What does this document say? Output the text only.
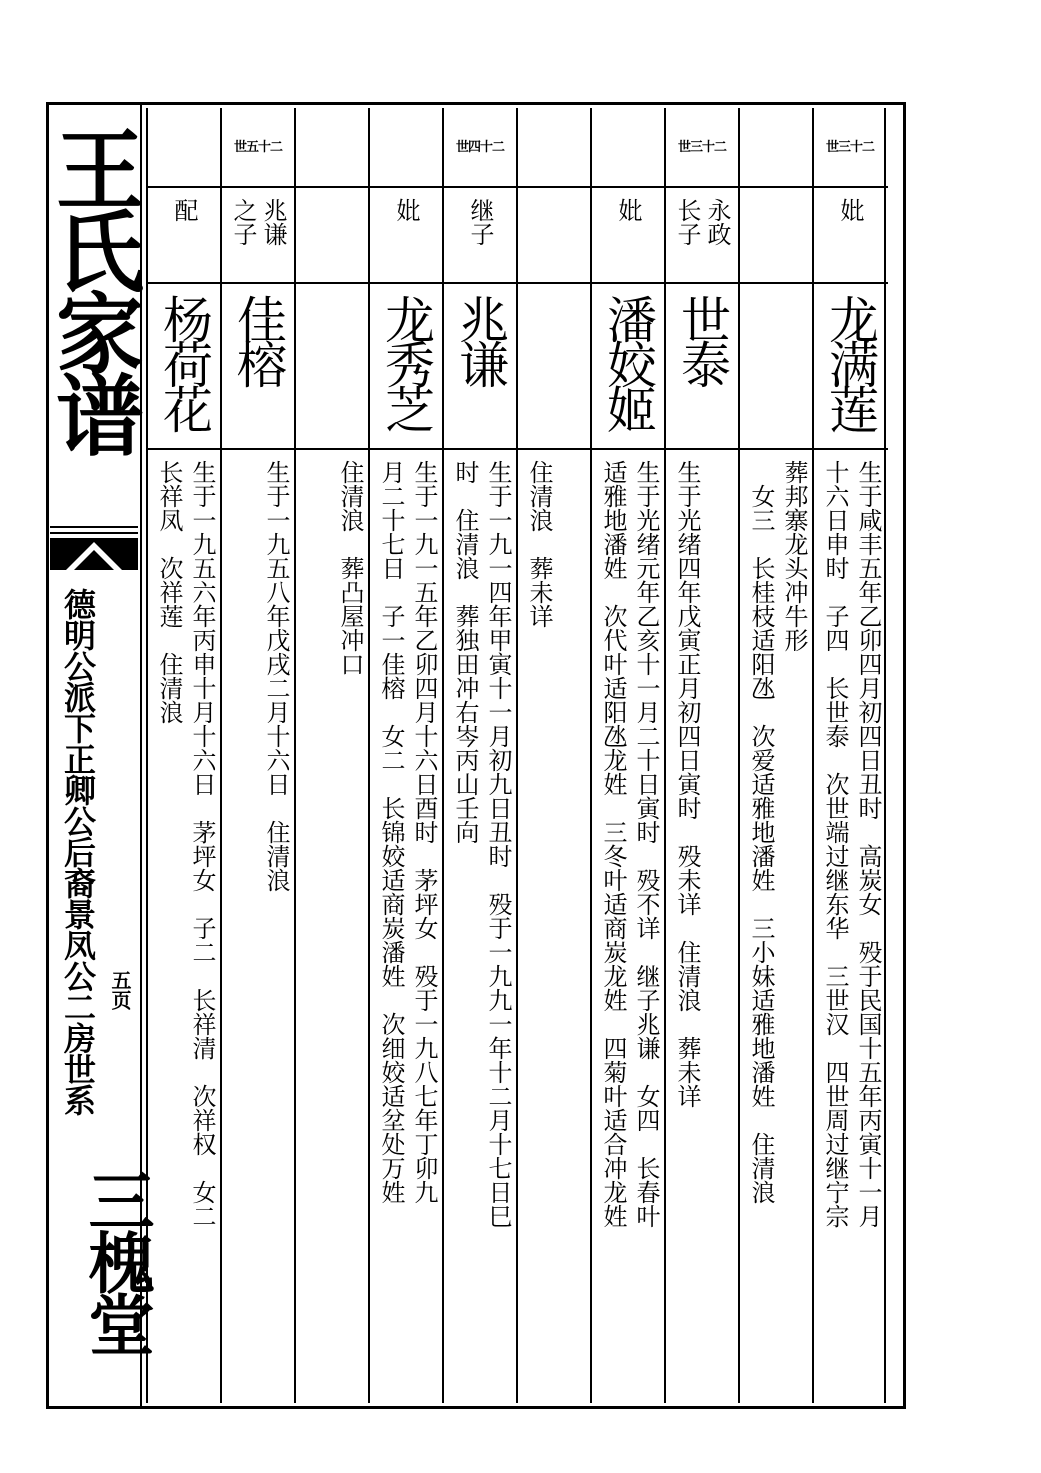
王氏家谱
德明公派下正卿公后裔景凤公二房世系 五页
三槐堂
世三十二
妣
龙满莲
生于咸丰五年乙卯四月初四日丑时　高炭女　殁于民国十五年丙寅十一月
十六日申时　子四　长世泰　次世端过继东华　三世汉　四世周过继宁宗
葬邦寨龙头冲牛形
　女三　长桂枝适阳氹　次爱适雅地潘姓　三小妹适雅地潘姓　住清浪
世三十二
永政
长子
世泰

生于光绪四年戊寅正月初四日寅时　殁未详　住清浪　葬未详
妣
潘姣姬
生于光绪元年乙亥十一月二十日寅时　殁不详　继子兆谦　女四　长春叶
适雅地潘姓　次代叶适阳氹龙姓　三冬叶适商炭龙姓　四菊叶适合冲龙姓

住清浪　葬未详
世四十二
继子
兆谦
生于一九一四年甲寅十一月初九日丑时　殁于一九九一年十二月十七日巳
时　住清浪　葬独田冲右岑丙山壬向
妣
龙秀芝
生于一九一五年乙卯四月十六日酉时　茅坪女　殁于一九八七年丁卯九
月二十七日　子一佳榕　女二　长锦姣适商炭潘姓　次细姣适坌处万姓
住清浪　葬凸屋冲口
世五十二
兆谦
之子
佳榕
生于一九五八年戊戌二月十六日　住清浪
配
杨荷花
生于一九五六年丙申十月十六日　茅坪女　子二　长祥清　次祥权　女二
长祥凤　次祥莲　住清浪
